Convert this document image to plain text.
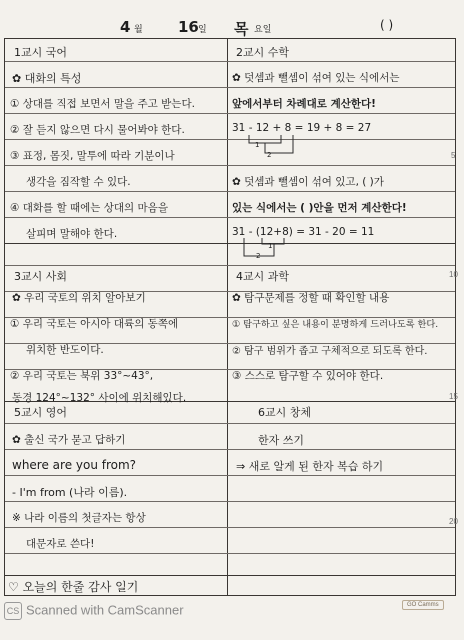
4 월 16 일 목 요일	( )
5
10
15
20
1교시 국어
✿ 대화의 특성
① 상대를 직접 보면서 말을 주고 받는다.
② 잘 듣지 않으면 다시 물어봐야 한다.
③ 표정, 몸짓, 말투에 따라 기분이나
생각을 짐작할 수 있다.
④ 대화를 할 때에는 상대의 마음을
살피며 말해야 한다.
2교시 수학
✿ 덧셈과 뺄셈이 섞여 있는 식에서는
앞에서부터 차례대로 계산한다!
31 - 12 + 8 = 19 + 8 = 27
1
2
✿ 덧셈과 뺄셈이 섞여 있고, ( )가
있는 식에서는 ( )안을 먼저 계산한다!
31 - (12+8) = 31 - 20 = 11
1
2
3교시 사회
✿ 우리 국토의 위치 알아보기
① 우리 국토는 아시아 대륙의 동쪽에
위치한 반도이다.
② 우리 국토는 북위 33°~43°,
동경 124°~132° 사이에 위치해있다.
4교시 과학
✿ 탐구문제를 정할 때 확인할 내용
① 탐구하고 싶은 내용이 분명하게 드러나도록 한다.
② 탐구 범위가 좁고 구체적으로 되도록 한다.
③ 스스로 탐구할 수 있어야 한다.
5교시 영어
✿ 출신 국가 묻고 답하기
where are you from?
- I'm from (나라 이름).
※ 나라 이름의 첫글자는 항상
대문자로 쓴다!
6교시 창체
한자 쓰기
⇒ 새로 알게 된 한자 복습 하기
♡ 오늘의 한줄 감사 일기
CS Scanned with CamScanner	GO Camms
